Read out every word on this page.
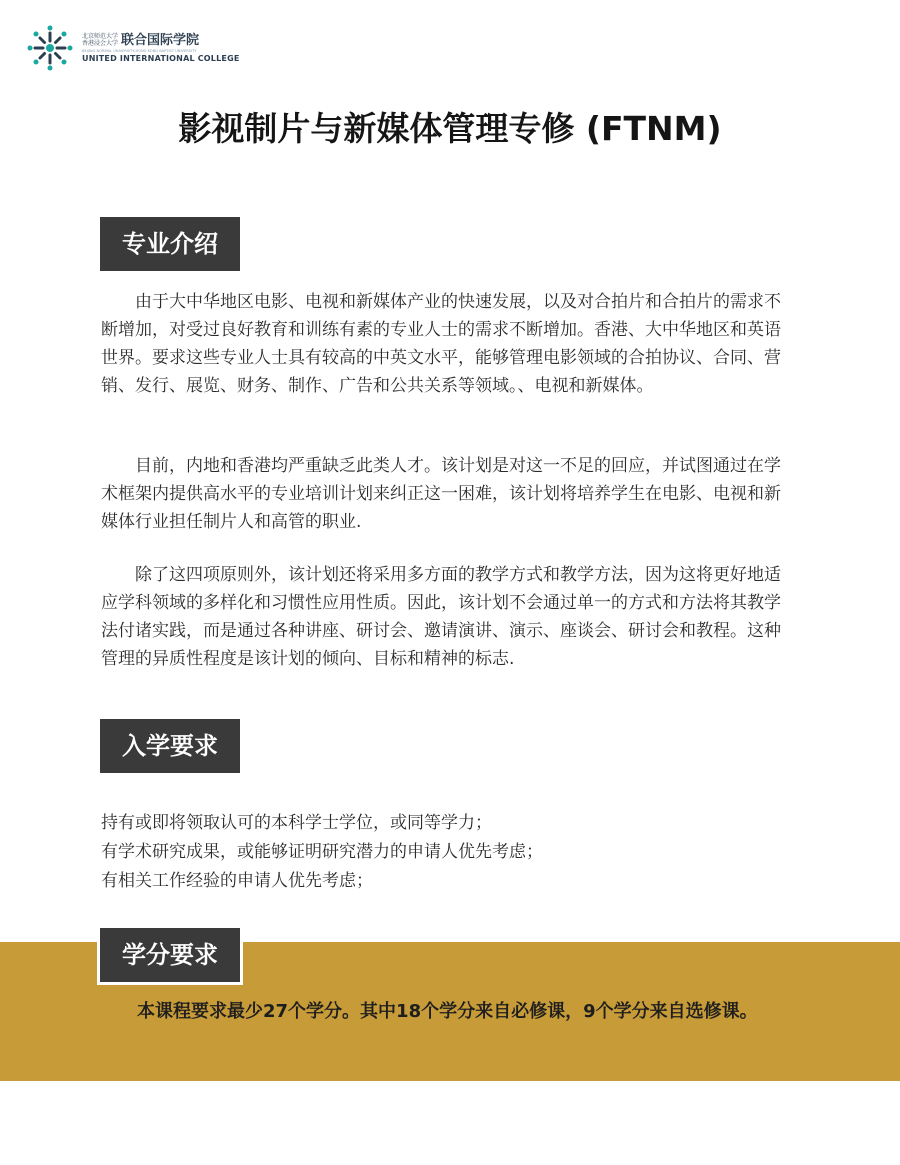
北京师范大学
香港浸会大学 联合国际学院
BEIJING NORMAL UNIVERSITY-HONG KONG BAPTIST UNIVERSITY
UNITED INTERNATIONAL COLLEGE
影视制片与新媒体管理专修 (FTNM)
专业介绍

由于大中华地区电影、电视和新媒体产业的快速发展，以及对合拍片和合拍片的需求不断增加，对受过良好教育和训练有素的专业人士的需求不断增加。香港、大中华地区和英语世界。要求这些专业人士具有较高的中英文水平，能够管理电影领域的合拍协议、合同、营销、发行、展览、财务、制作、广告和公共关系等领域。、电视和新媒体。

目前，内地和香港均严重缺乏此类人才。该计划是对这一不足的回应，并试图通过在学术框架内提供高水平的专业培训计划来纠正这一困难，该计划将培养学生在电影、电视和新媒体行业担任制片人和高管的职业.

除了这四项原则外，该计划还将采用多方面的教学方式和教学方法，因为这将更好地适应学科领域的多样化和习惯性应用性质。因此，该计划不会通过单一的方式和方法将其教学法付诸实践，而是通过各种讲座、研讨会、邀请演讲、演示、座谈会、研讨会和教程。这种管理的异质性程度是该计划的倾向、目标和精神的标志.

入学要求
持有或即将领取认可的本科学士学位，或同等学力；
有学术研究成果，或能够证明研究潜力的申请人优先考虑；
有相关工作经验的申请人优先考虑；
学分要求

本课程要求最少27个学分。其中18个学分来自必修课，9个学分来自选修课。
